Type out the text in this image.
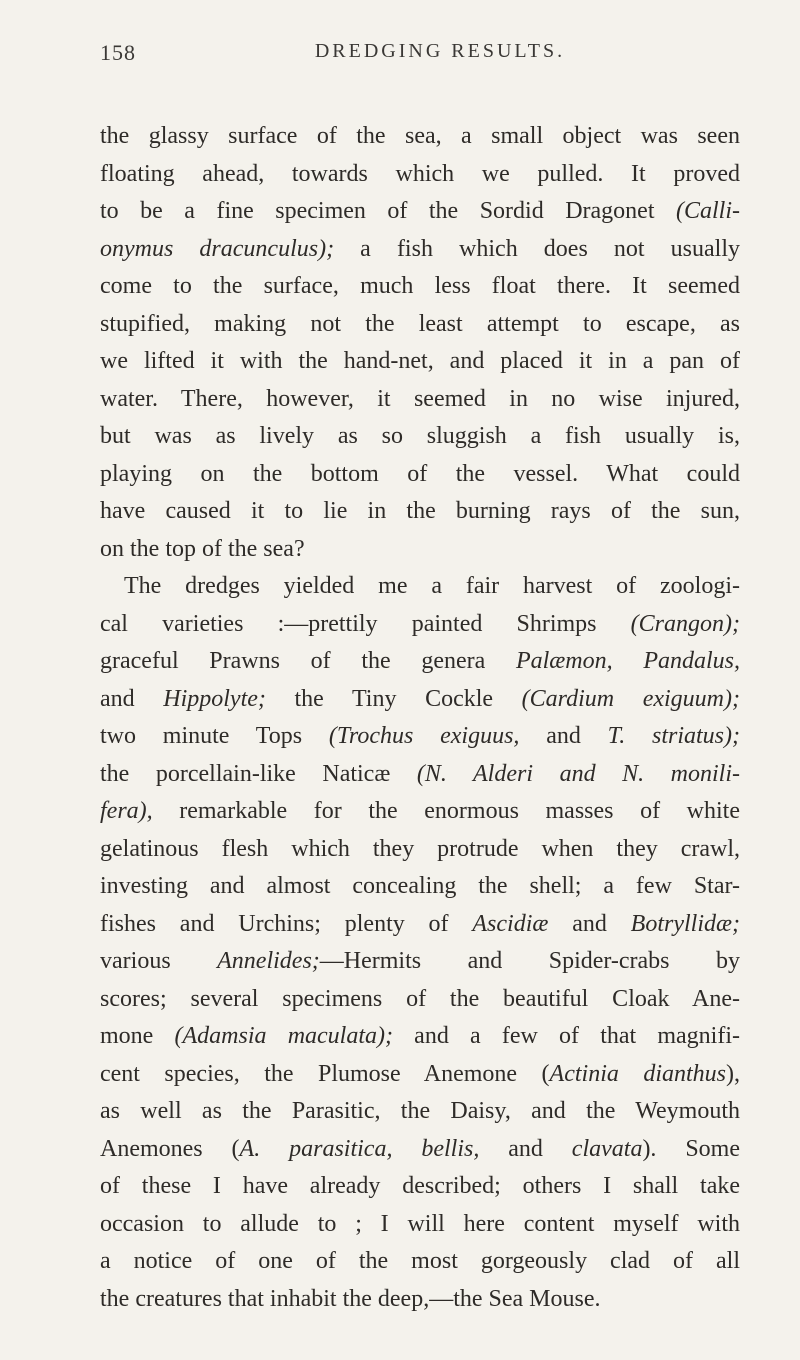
158	DREDGING RESULTS.
the glassy surface of the sea, a small object was seen
floating ahead, towards which we pulled. It proved
to be a fine specimen of the Sordid Dragonet (Calli-
onymus dracunculus); a fish which does not usually
come to the surface, much less float there. It seemed
stupified, making not the least attempt to escape, as
we lifted it with the hand-net, and placed it in a pan of
water. There, however, it seemed in no wise injured,
but was as lively as so sluggish a fish usually is,
playing on the bottom of the vessel. What could
have caused it to lie in the burning rays of the sun,
on the top of the sea?
The dredges yielded me a fair harvest of zoologi-
cal varieties :—prettily painted Shrimps (Crangon);
graceful Prawns of the genera Palæmon, Pandalus,
and Hippolyte; the Tiny Cockle (Cardium exiguum);
two minute Tops (Trochus exiguus, and T. striatus);
the porcellain-like Naticæ (N. Alderi and N. monili-
fera), remarkable for the enormous masses of white
gelatinous flesh which they protrude when they crawl,
investing and almost concealing the shell; a few Star-
fishes and Urchins; plenty of Ascidiæ and Botryllidæ;
various Annelides;—Hermits and Spider-crabs by
scores; several specimens of the beautiful Cloak Ane-
mone (Adamsia maculata); and a few of that magnifi-
cent species, the Plumose Anemone (Actinia dianthus),
as well as the Parasitic, the Daisy, and the Weymouth
Anemones (A. parasitica, bellis, and clavata). Some
of these I have already described; others I shall take
occasion to allude to ; I will here content myself with
a notice of one of the most gorgeously clad of all
the creatures that inhabit the deep,—the Sea Mouse.
